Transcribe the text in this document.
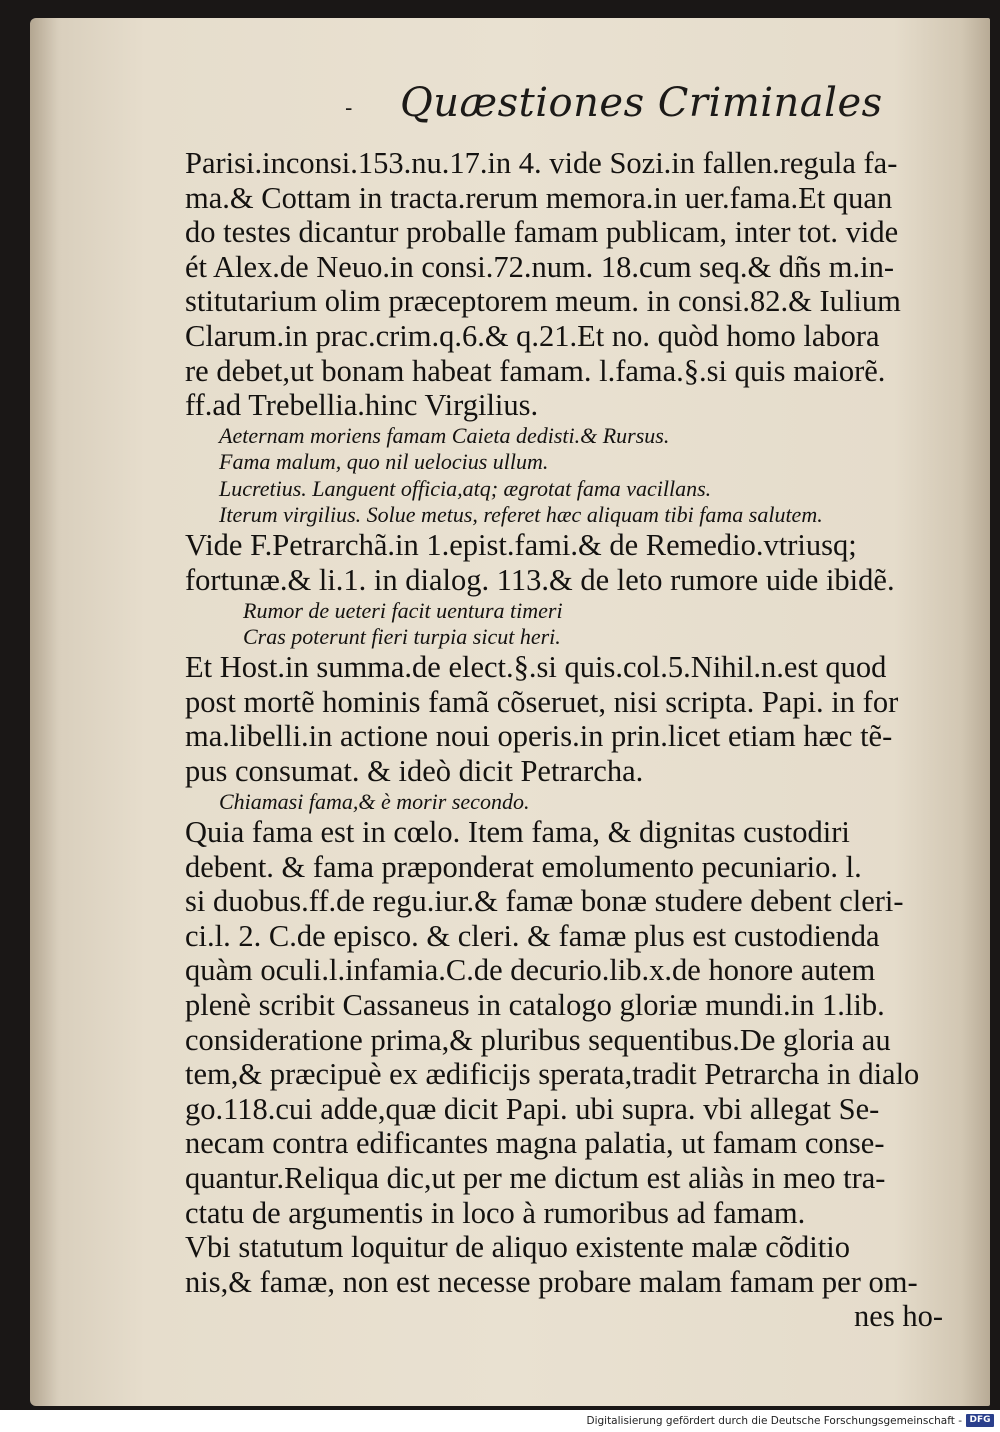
- Quæstiones Criminales
Parisi.inconsi.153.nu.17.in 4. vide Sozi.in fallen.regula fa-
ma.& Cottam in tracta.rerum memora.in uer.fama.Et quan
do testes dicantur proballe famam publicam, inter tot. vide
ét Alex.de Neuo.in consi.72.num. 18.cum seq.& dñs m.in-
stitutarium olim præceptorem meum. in consi.82.& Iulium
Clarum.in prac.crim.q.6.& q.21.Et no. quòd homo labora
re debet,ut bonam habeat famam. l.fama.§.si quis maiorẽ.
ff.ad Trebellia.hinc Virgilius.
Aeternam moriens famam Caieta dedisti.& Rursus.
Fama malum, quo nil uelocius ullum.
Lucretius. Languent officia,atq; ægrotat fama vacillans.
Iterum virgilius. Solue metus, referet hæc aliquam tibi fama salutem.
Vide F.Petrarchã.in 1.epist.fami.& de Remedio.vtriusq;
fortunæ.& li.1. in dialog. 113.& de leto rumore uide ibidẽ.
Rumor de ueteri facit uentura timeri
Cras poterunt fieri turpia sicut heri.
Et Host.in summa.de elect.§.si quis.col.5.Nihil.n.est quod
post mortẽ hominis famã cõseruet, nisi scripta. Papi. in for
ma.libelli.in actione noui operis.in prin.licet etiam hæc tẽ-
pus consumat. & ideò dicit Petrarcha.
Chiamasi fama,& è morir secondo.
Quia fama est in cœlo. Item fama, & dignitas custodiri
debent. & fama præponderat emolumento pecuniario. l.
si duobus.ff.de regu.iur.& famæ bonæ studere debent cleri-
ci.l. 2. C.de episco. & cleri. & famæ plus est custodienda
quàm oculi.l.infamia.C.de decurio.lib.x.de honore autem
plenè scribit Cassaneus in catalogo gloriæ mundi.in 1.lib.
consideratione prima,& pluribus sequentibus.De gloria au
tem,& præcipuè ex ædificijs sperata,tradit Petrarcha in dialo
go.118.cui adde,quæ dicit Papi. ubi supra. vbi allegat Se-
necam contra edificantes magna palatia, ut famam conse-
quantur.Reliqua dic,ut per me dictum est aliàs in meo tra-
ctatu de argumentis in loco à rumoribus ad famam.
Vbi statutum loquitur de aliquo existente malæ cõditio
nis,& famæ, non est necesse probare malam famam per om-
nes ho-
Digitalisierung gefördert durch die Deutsche Forschungsgemeinschaft - DFG
